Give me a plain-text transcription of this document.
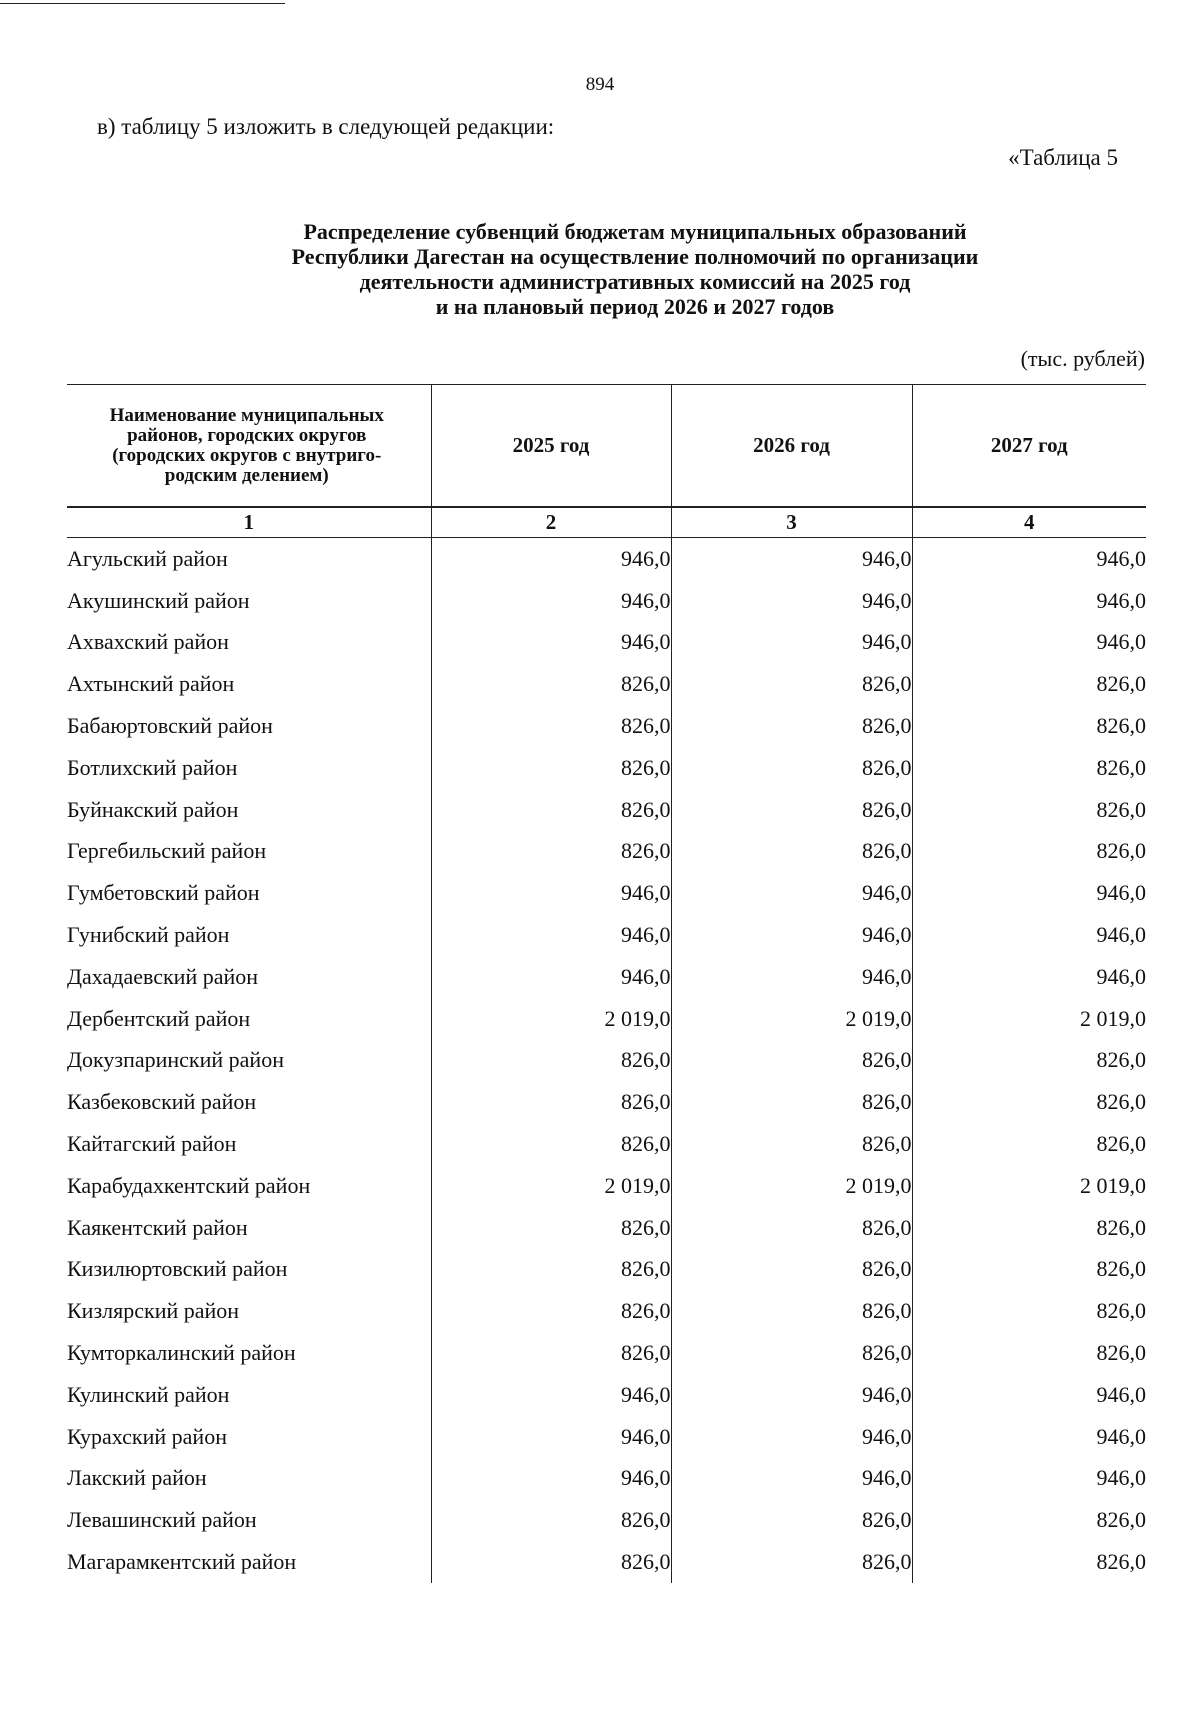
894
в) таблицу 5 изложить в следующей редакции:
«Таблица 5
Распределение субвенций бюджетам муниципальных образований
Республики Дагестан на осуществление полномочий по организации
деятельности административных комиссий на 2025 год
и на плановый период 2026 и 2027 годов
(тыс. рублей)
Наименование муниципальных
районов, городских округов
(городских округов с внутриго-
родским делением)	2025 год	2026 год	2027 год
1	2	3	4
Агульский район	946,0	946,0	946,0
Акушинский район	946,0	946,0	946,0
Ахвахский район	946,0	946,0	946,0
Ахтынский район	826,0	826,0	826,0
Бабаюртовский район	826,0	826,0	826,0
Ботлихский район	826,0	826,0	826,0
Буйнакский район	826,0	826,0	826,0
Гергебильский район	826,0	826,0	826,0
Гумбетовский район	946,0	946,0	946,0
Гунибский район	946,0	946,0	946,0
Дахадаевский район	946,0	946,0	946,0
Дербентский район	2 019,0	2 019,0	2 019,0
Докузпаринский район	826,0	826,0	826,0
Казбековский район	826,0	826,0	826,0
Кайтагский район	826,0	826,0	826,0
Карабудахкентский район	2 019,0	2 019,0	2 019,0
Каякентский район	826,0	826,0	826,0
Кизилюртовский район	826,0	826,0	826,0
Кизлярский район	826,0	826,0	826,0
Кумторкалинский район	826,0	826,0	826,0
Кулинский район	946,0	946,0	946,0
Курахский район	946,0	946,0	946,0
Лакский район	946,0	946,0	946,0
Левашинский район	826,0	826,0	826,0
Магарамкентский район	826,0	826,0	826,0
